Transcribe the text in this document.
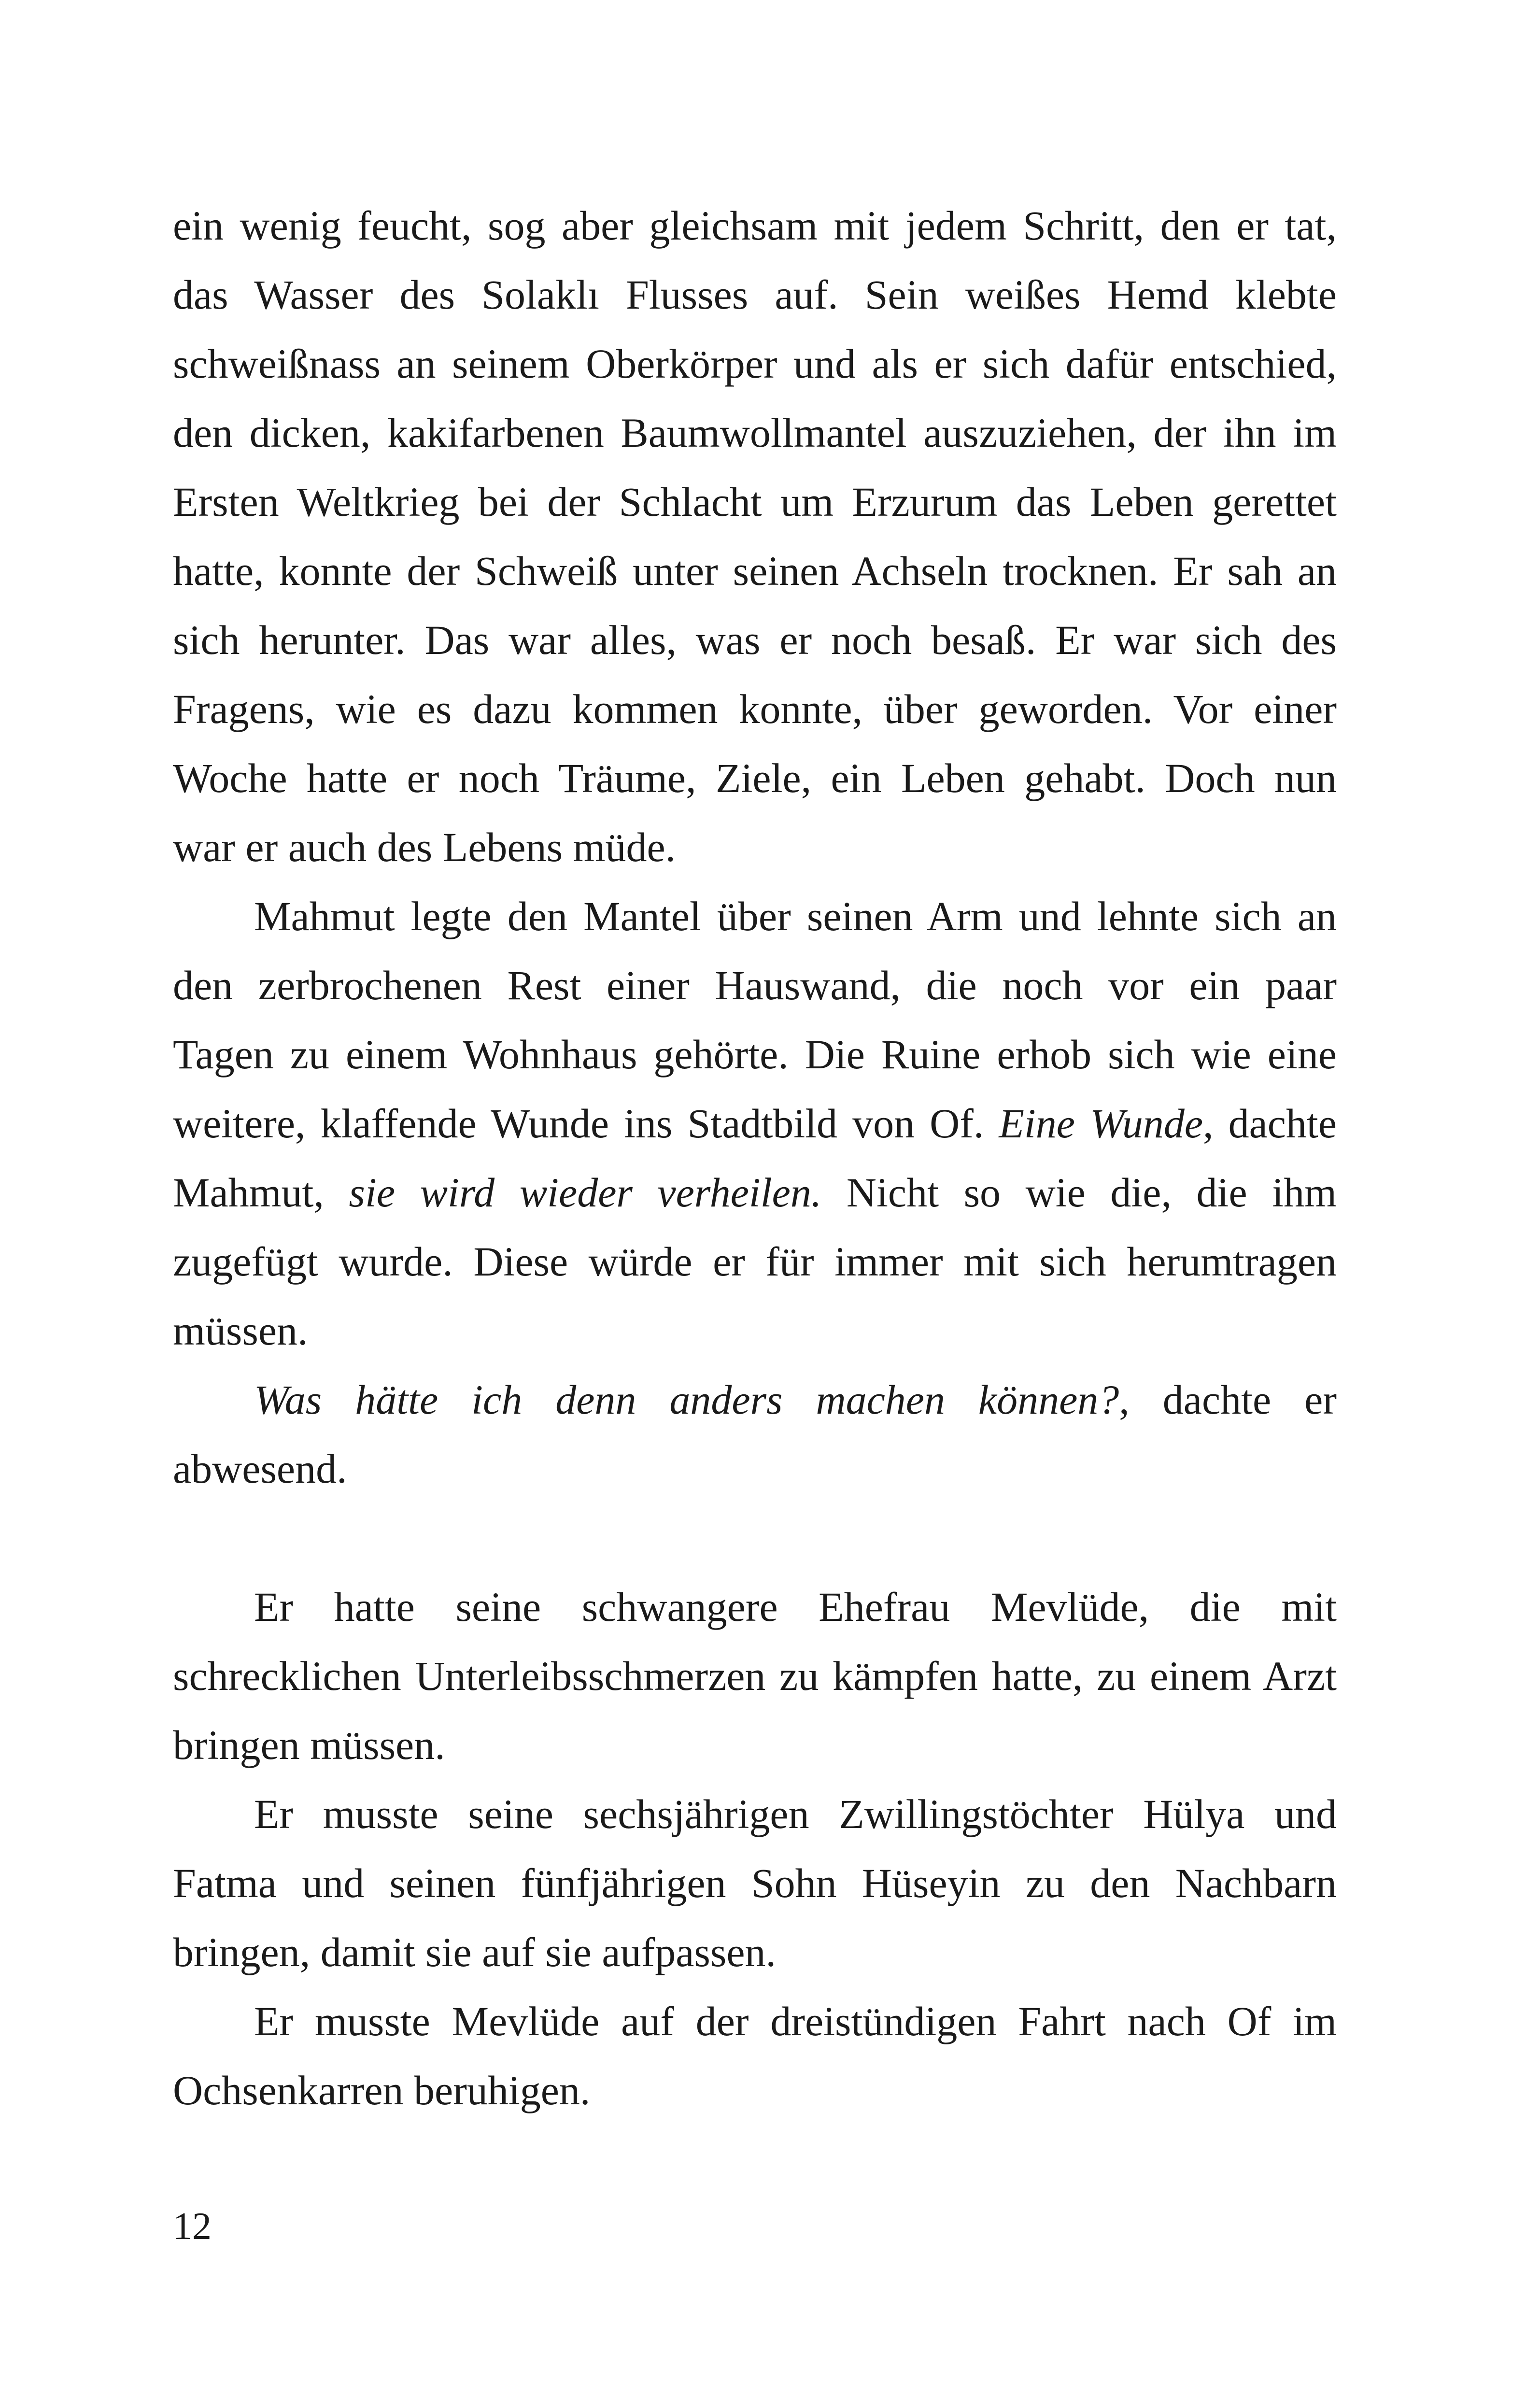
ein wenig feucht, sog aber gleichsam mit jedem Schritt, den er tat,
das Wasser des Solaklı Flusses auf. Sein weißes Hemd klebte
schweißnass an seinem Oberkörper und als er sich dafür entschied,
den dicken, kakifarbenen Baumwollmantel auszuziehen, der ihn im
Ersten Weltkrieg bei der Schlacht um Erzurum das Leben gerettet
hatte, konnte der Schweiß unter seinen Achseln trocknen. Er sah an
sich herunter. Das war alles, was er noch besaß. Er war sich des
Fragens, wie es dazu kommen konnte, über geworden. Vor einer
Woche hatte er noch Träume, Ziele, ein Leben gehabt. Doch nun
war er auch des Lebens müde.
Mahmut legte den Mantel über seinen Arm und lehnte sich an
den zerbrochenen Rest einer Hauswand, die noch vor ein paar
Tagen zu einem Wohnhaus gehörte. Die Ruine erhob sich wie eine
weitere, klaffende Wunde ins Stadtbild von Of. Eine Wunde, dachte
Mahmut, sie wird wieder verheilen. Nicht so wie die, die ihm
zugefügt wurde. Diese würde er für immer mit sich herumtragen
müssen.
Was hätte ich denn anders machen können?, dachte er
abwesend.
Er hatte seine schwangere Ehefrau Mevlüde, die mit
schrecklichen Unterleibsschmerzen zu kämpfen hatte, zu einem Arzt
bringen müssen.
Er musste seine sechsjährigen Zwillingstöchter Hülya und
Fatma und seinen fünfjährigen Sohn Hüseyin zu den Nachbarn
bringen, damit sie auf sie aufpassen.
Er musste Mevlüde auf der dreistündigen Fahrt nach Of im
Ochsenkarren beruhigen.
12
